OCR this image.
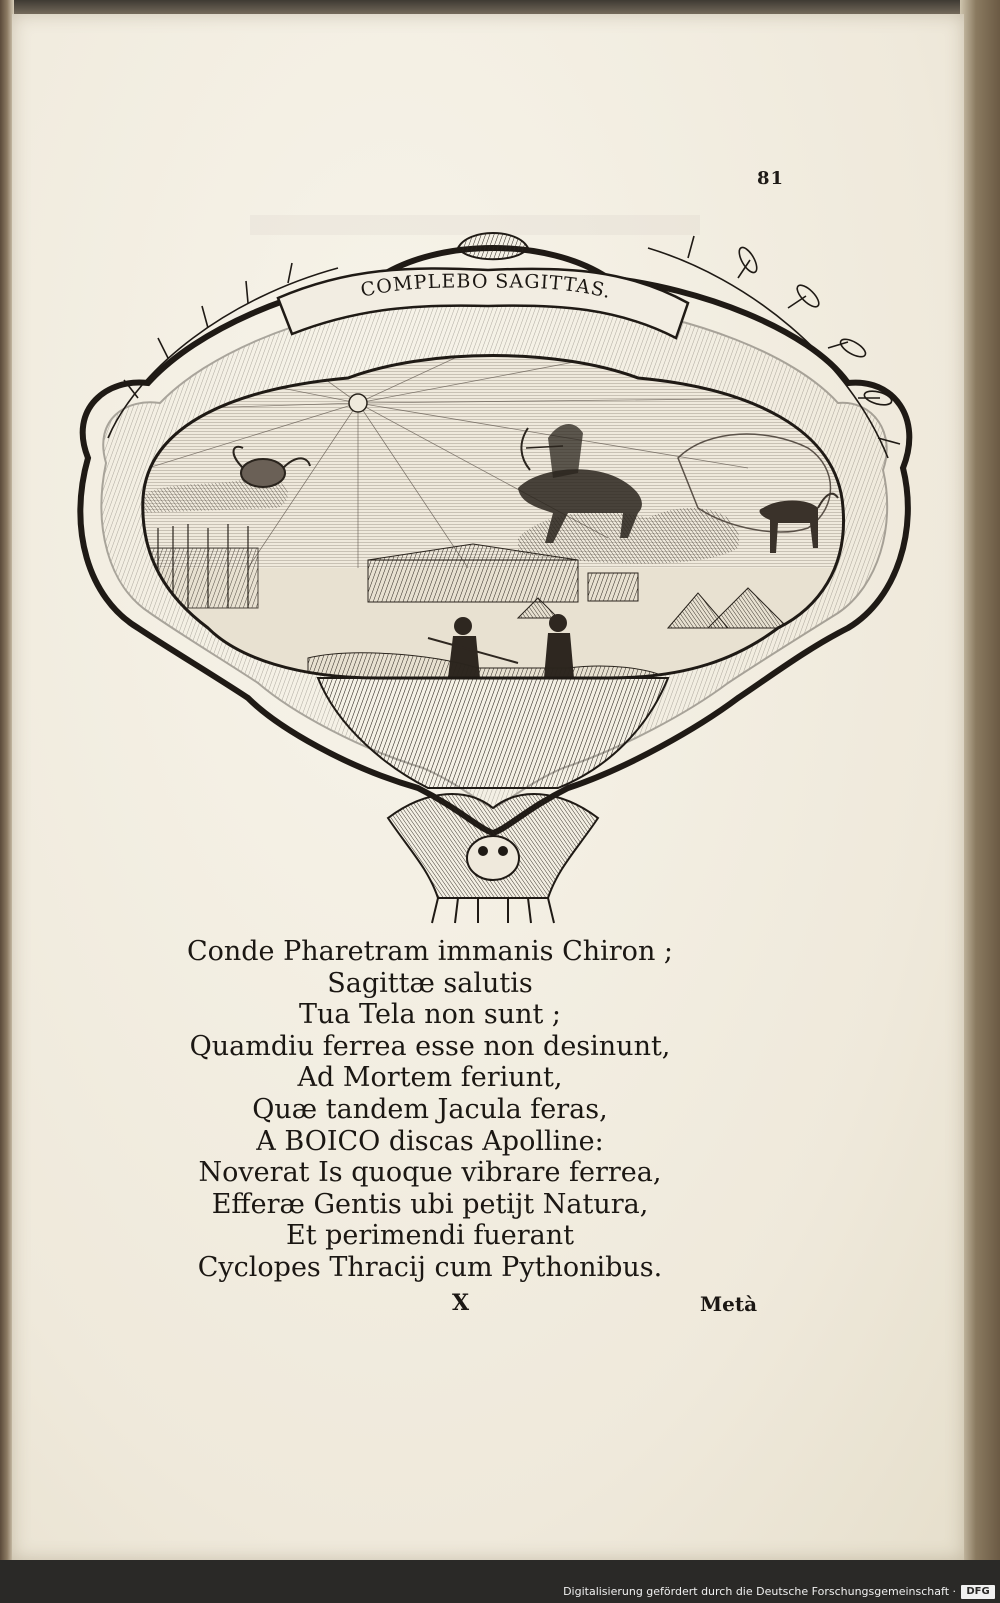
81
COMPLEBO SAGITTAS.
Conde Pharetram immanis Chiron ;
Sagittæ salutis
Tua Tela non sunt ;
Quamdiu ferrea esse non desinunt,
Ad Mortem feriunt,
Quæ tandem Jacula feras,
A BOICO discas Apolline:
Noverat Is quoque vibrare ferrea,
Efferæ Gentis ubi petijt Natura,
Et perimendi fuerant
Cyclopes Thracij cum Pythonibus.
X	Metà
Digitalisierung gefördert durch die Deutsche Forschungsgemeinschaft ·	DFG
